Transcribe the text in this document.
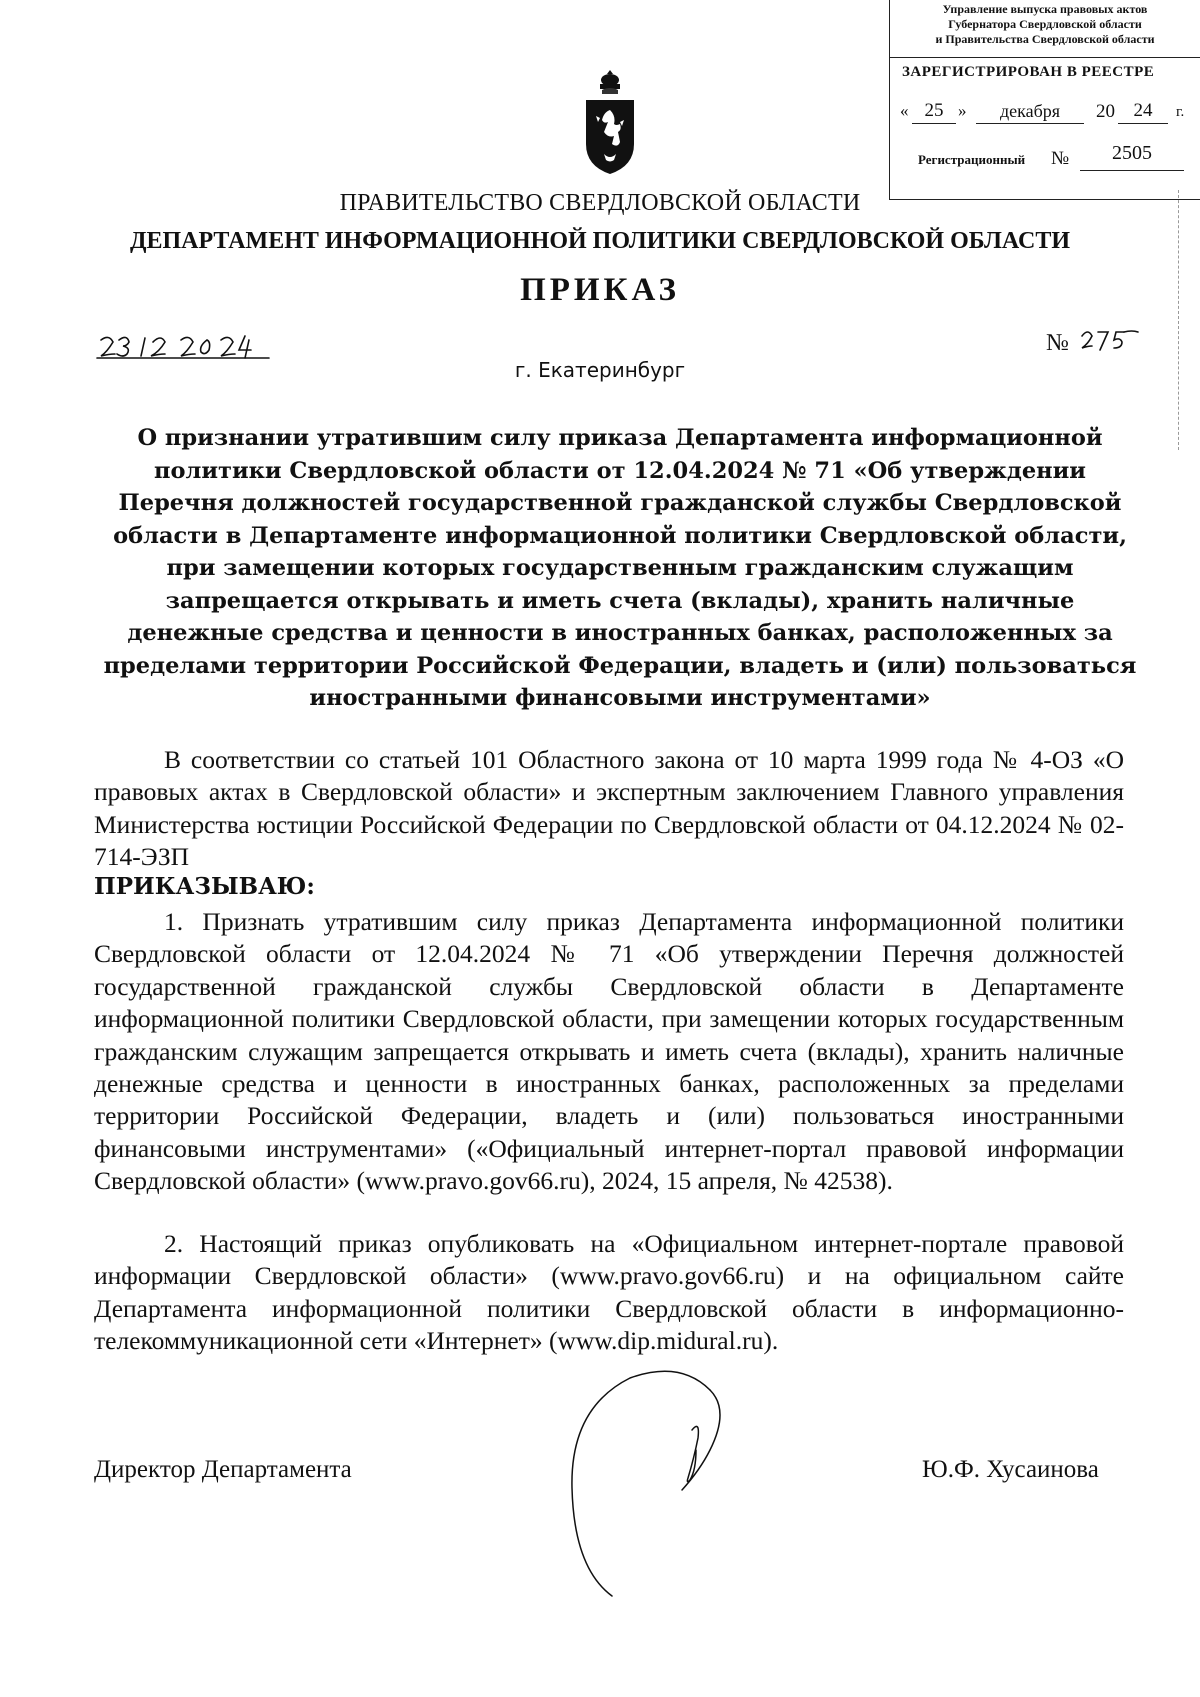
Управление выпуска правовых актов
Губернатора Свердловской области
и Правительства Свердловской области
ЗАРЕГИСТРИРОВАН В РЕЕСТРЕ
« 25 »	декабря	20 24	г.
Регистрационный №	2505
ПРАВИТЕЛЬСТВО СВЕРДЛОВСКОЙ ОБЛАСТИ
ДЕПАРТАМЕНТ ИНФОРМАЦИОННОЙ ПОЛИТИКИ СВЕРДЛОВСКОЙ ОБЛАСТИ
ПРИКАЗ
№
г. Екатеринбург

О признании утратившим силу приказа Департамента информационной политики Свердловской области от 12.04.2024 № 71 «Об утверждении Перечня должностей государственной гражданской службы Свердловской области в Департаменте информационной политики Свердловской области, при замещении которых государственным гражданским служащим запрещается открывать и иметь счета (вклады), хранить наличные денежные средства и ценности в иностранных банках, расположенных за пределами территории Российской Федерации, владеть и (или) пользоваться иностранными финансовыми инструментами»

В соответствии со статьей 101 Областного закона от 10 марта 1999 года № 4-ОЗ «О правовых актах в Свердловской области» и экспертным заключением Главного управления Министерства юстиции Российской Федерации по Свердловской области от 04.12.2024 № 02-714-ЭЗП

ПРИКАЗЫВАЮ:

1. Признать утратившим силу приказ Департамента информационной политики Свердловской области от 12.04.2024 № 71 «Об утверждении Перечня должностей государственной гражданской службы Свердловской области в Департаменте информационной политики Свердловской области, при замещении которых государственным гражданским служащим запрещается открывать и иметь счета (вклады), хранить наличные денежные средства и ценности в иностранных банках, расположенных за пределами территории Российской Федерации, владеть и (или) пользоваться иностранными финансовыми инструментами» («Официальный интернет-портал правовой информации Свердловской области» (www.pravo.gov66.ru), 2024, 15 апреля, № 42538).

2. Настоящий приказ опубликовать на «Официальном интернет-портале правовой информации Свердловской области» (www.pravo.gov66.ru) и на официальном сайте Департамента информационной политики Свердловской области в информационно-телекоммуникационной сети «Интернет» (www.dip.midural.ru).

Директор Департамента	Ю.Ф. Хусаинова
